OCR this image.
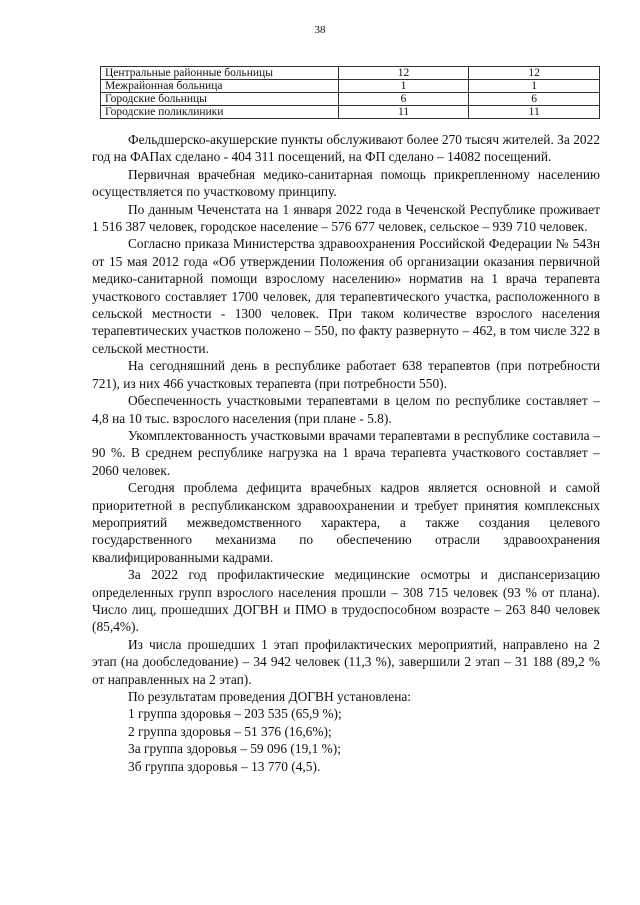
38
Центральные районные больницы	12	12
Межрайонная больница	1	1
Городские больницы	6	6
Городские поликлиники	11	11

Фельдшерско-акушерские пункты обслуживают более 270 тысяч жителей. За 2022 год на ФАПах сделано - 404 311 посещений, на ФП сделано – 14082 посещений.

Первичная врачебная медико-санитарная помощь прикрепленному населению осуществляется по участковому принципу.

По данным Чеченстата на 1 января 2022 года в Чеченской Республике проживает 1 516 387 человек, городское население – 576 677 человек, сельское – 939 710 человек.

Согласно приказа Министерства здравоохранения Российской Федерации № 543н от 15 мая 2012 года «Об утверждении Положения об организации оказания первичной медико-санитарной помощи взрослому населению» норматив на 1 врача терапевта участкового составляет 1700 человек, для терапевтического участка, расположенного в сельской местности - 1300 человек. При таком количестве взрослого населения терапевтических участков положено – 550, по факту развернуто – 462, в том числе 322 в сельской местности.

На сегодняшний день в республике работает 638 терапевтов (при потребности 721), из них 466 участковых терапевта (при потребности 550).

Обеспеченность участковыми терапевтами в целом по республике составляет – 4,8 на 10 тыс. взрослого населения (при плане - 5.8).

Укомплектованность участковыми врачами терапевтами в республике составила – 90 %. В среднем республике нагрузка на 1 врача терапевта участкового составляет – 2060 человек.

Сегодня проблема дефицита врачебных кадров является основной и самой приоритетной в республиканском здравоохранении и требует принятия комплексных мероприятий межведомственного характера, а также создания целевого государственного механизма по обеспечению отрасли здравоохранения квалифицированными кадрами.

За 2022 год профилактические медицинские осмотры и диспансеризацию определенных групп взрослого населения прошли – 308 715 человек (93 % от плана). Число лиц, прошедших ДОГВН и ПМО в трудоспособном возрасте – 263 840 человек (85,4%).

Из числа прошедших 1 этап профилактических мероприятий, направлено на 2 этап (на дообследование) – 34 942 человек (11,3 %), завершили 2 этап – 31 188 (89,2 % от направленных на 2 этап).

По результатам проведения ДОГВН установлена:

1 группа здоровья – 203 535 (65,9 %);

2 группа здоровья – 51 376 (16,6%);

3а группа здоровья – 59 096 (19,1 %);

3б группа здоровья – 13 770 (4,5).
